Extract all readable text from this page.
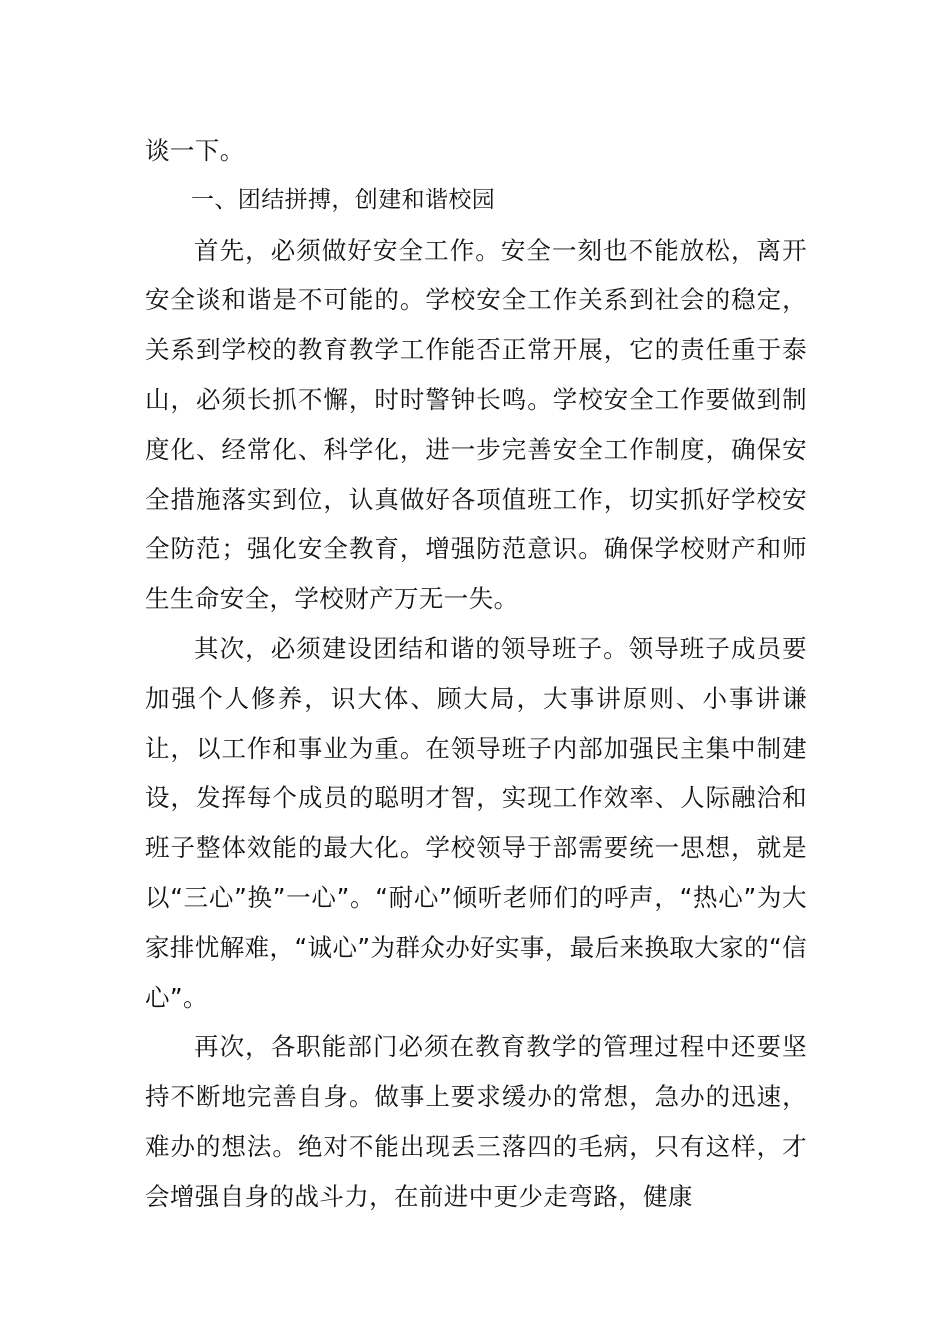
谈一下。

一、团结拼搏，创建和谐校园

首先，必须做好安全工作。安全一刻也不能放松，离开安全谈和谐是不可能的。学校安全工作关系到社会的稳定，关系到学校的教育教学工作能否正常开展，它的责任重于泰山，必须长抓不懈，时时警钟长鸣。学校安全工作要做到制度化、经常化、科学化，进一步完善安全工作制度，确保安全措施落实到位，认真做好各项值班工作，切实抓好学校安全防范；强化安全教育，增强防范意识。确保学校财产和师生生命安全，学校财产万无一失。

其次，必须建设团结和谐的领导班子。领导班子成员要加强个人修养，识大体、顾大局，大事讲原则、小事讲谦让，以工作和事业为重。在领导班子内部加强民主集中制建设，发挥每个成员的聪明才智，实现工作效率、人际融洽和班子整体效能的最大化。学校领导于部需要统一思想，就是以“三心”换”一心”。“耐心”倾听老师们的呼声，“热心”为大家排忧解难，“诚心”为群众办好实事，最后来换取大家的“信心”。

再次，各职能部门必须在教育教学的管理过程中还要坚持不断地完善自身。做事上要求缓办的常想，急办的迅速，难办的想法。绝对不能出现丢三落四的毛病，只有这样，才会增强自身的战斗力，在前进中更少走弯路，健康
